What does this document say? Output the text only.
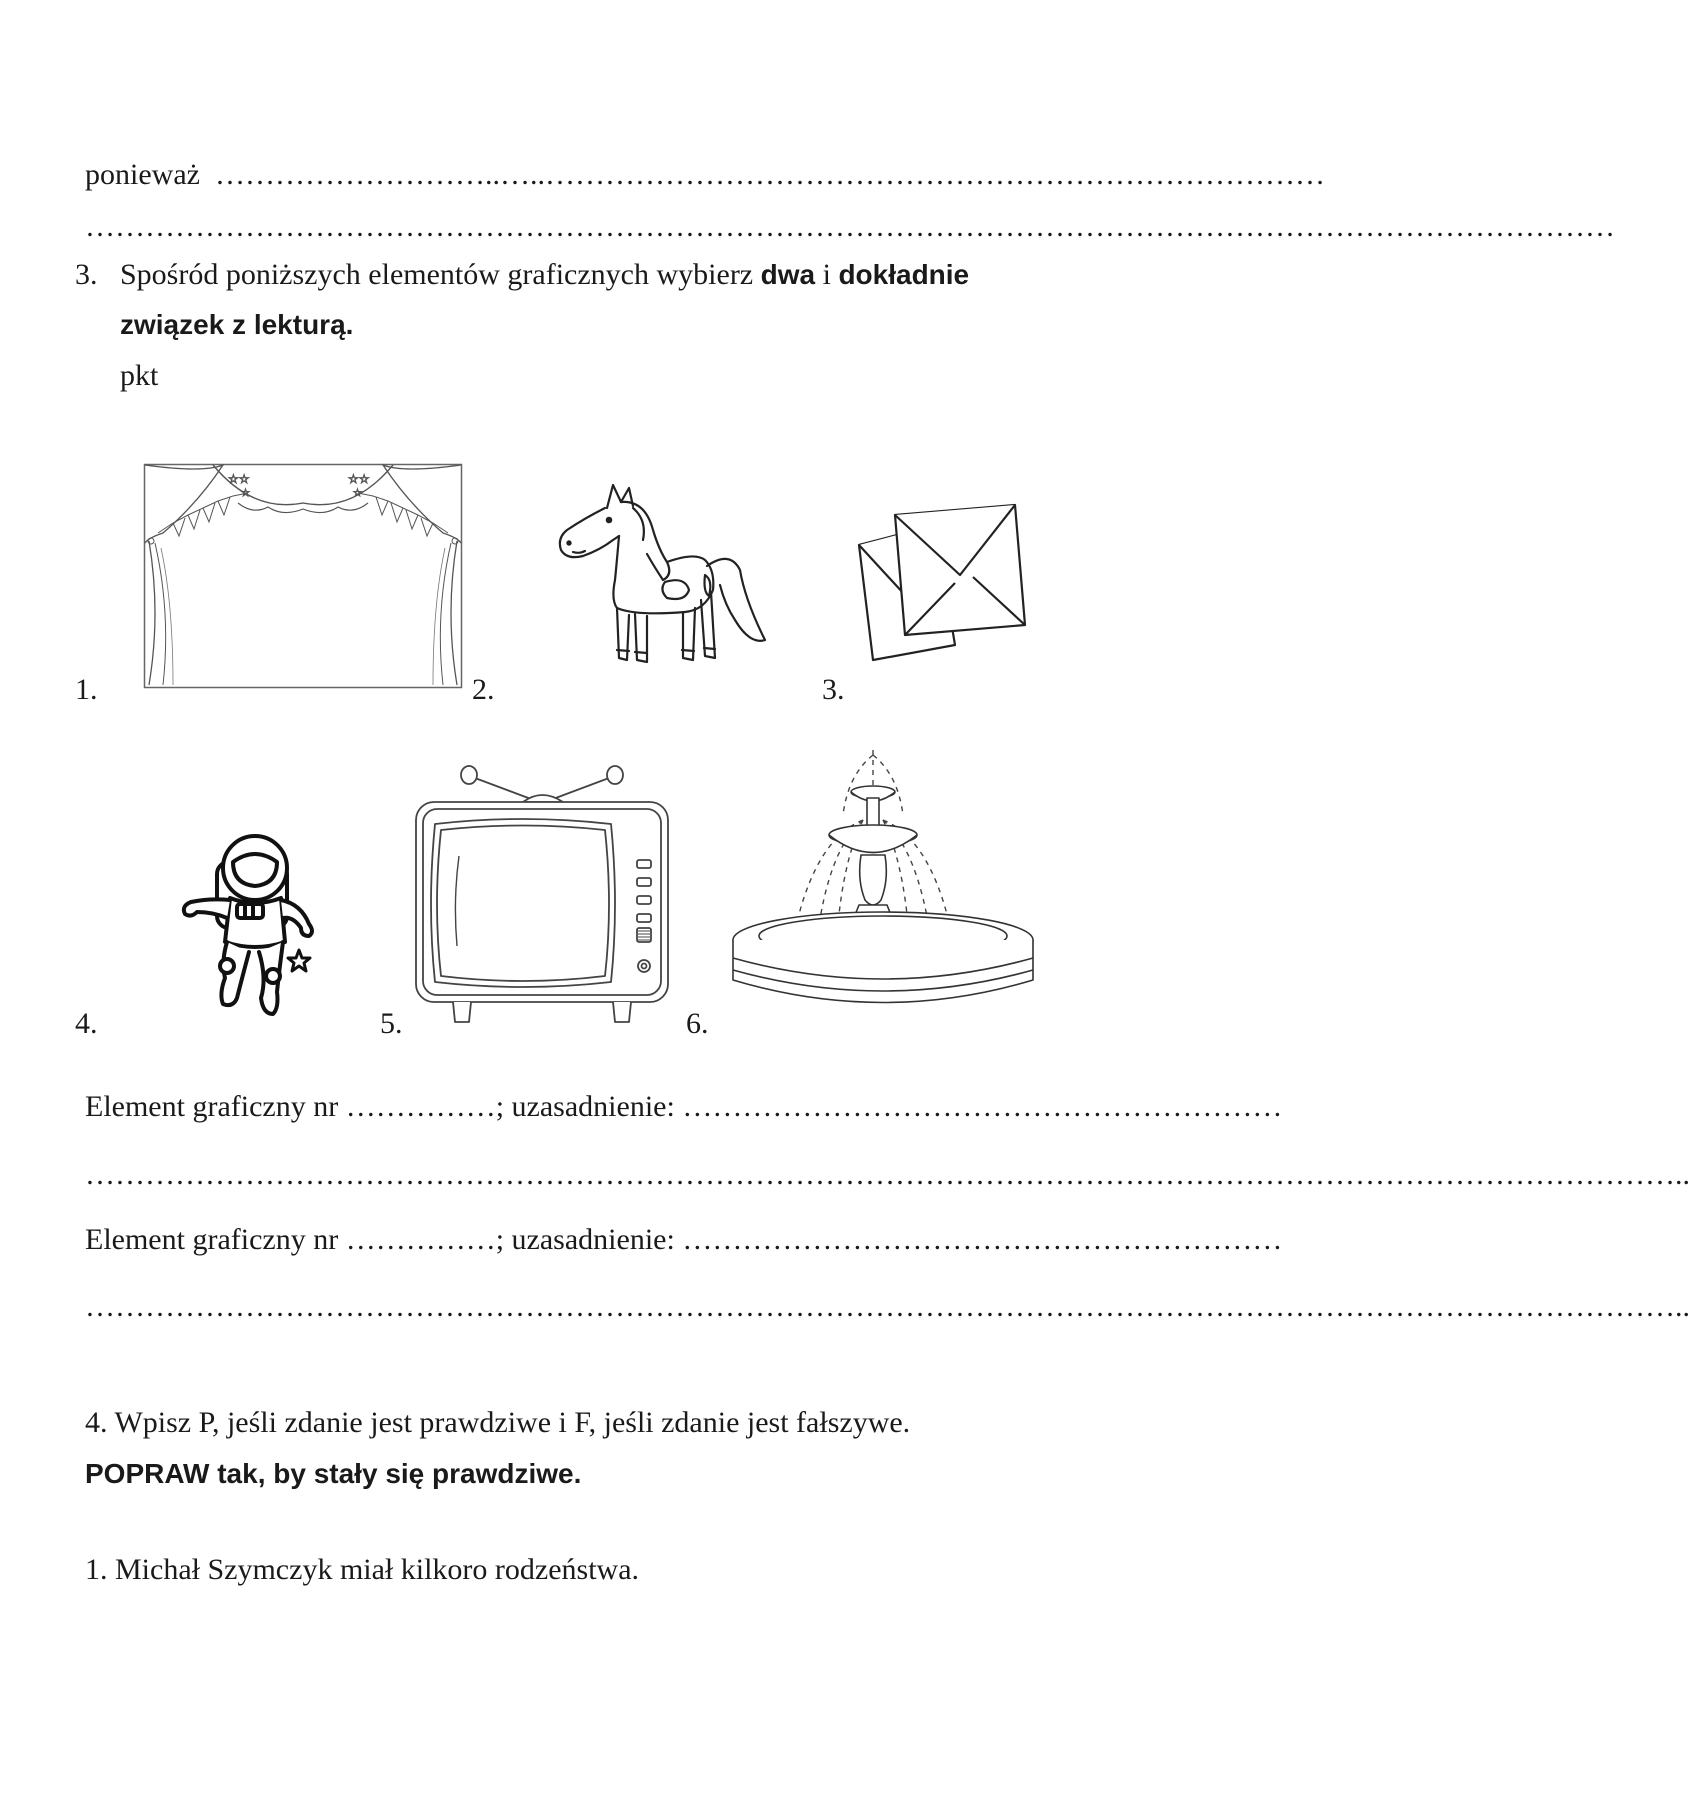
ponieważ ………………………..…..……………………………………………………………………
………………………………………………………………………………………………………………………………………
3. Spośród poniższych elementów graficznych wybierz dwa i dokładnie
związek z lekturą.
pkt
1.	2.	3.
☆☆	☆☆
☆	☆
4.	5.	6.
Element graficzny nr ……………; uzasadnienie: ……………………………………………………
……………………………………………………………………………………………………………………………………………..
Element graficzny nr ……………; uzasadnienie: ……………………………………………………
……………………………………………………………………………………………………………………………………………..
4. Wpisz P, jeśli zdanie jest prawdziwe i F, jeśli zdanie jest fałszywe.
POPRAW tak, by stały się prawdziwe.
1. Michał Szymczyk miał kilkoro rodzeństwa.
